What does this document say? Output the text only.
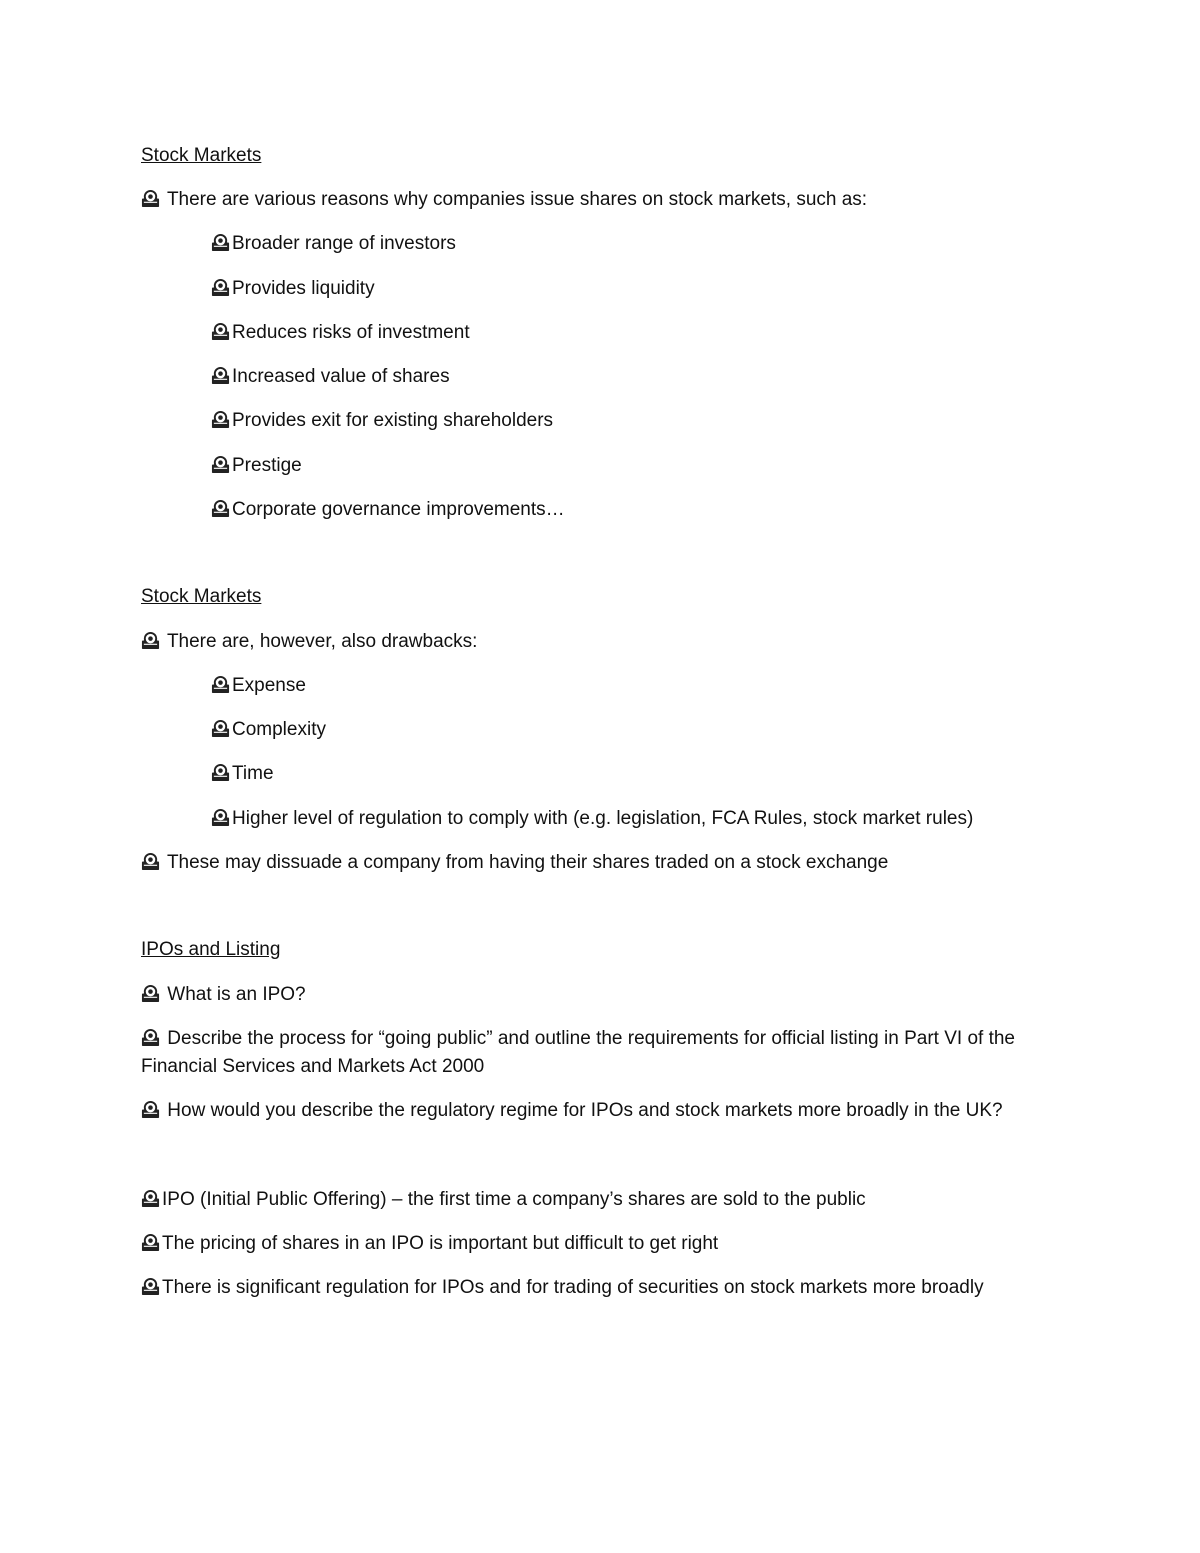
Stock Markets
There are various reasons why companies issue shares on stock markets, such as:
Broader range of investors
Provides liquidity
Reduces risks of investment
Increased value of shares
Provides exit for existing shareholders
Prestige
Corporate governance improvements…
Stock Markets
There are, however, also drawbacks:
Expense
Complexity
Time
Higher level of regulation to comply with (e.g. legislation, FCA Rules, stock market rules)
These may dissuade a company from having their shares traded on a stock exchange
IPOs and Listing
What is an IPO?
Describe the process for “going public” and outline the requirements for official listing in Part VI of the Financial Services and Markets Act 2000
How would you describe the regulatory regime for IPOs and stock markets more broadly in the UK?
IPO (Initial Public Offering) – the first time a company’s shares are sold to the public
The pricing of shares in an IPO is important but difficult to get right
There is significant regulation for IPOs and for trading of securities on stock markets more broadly
